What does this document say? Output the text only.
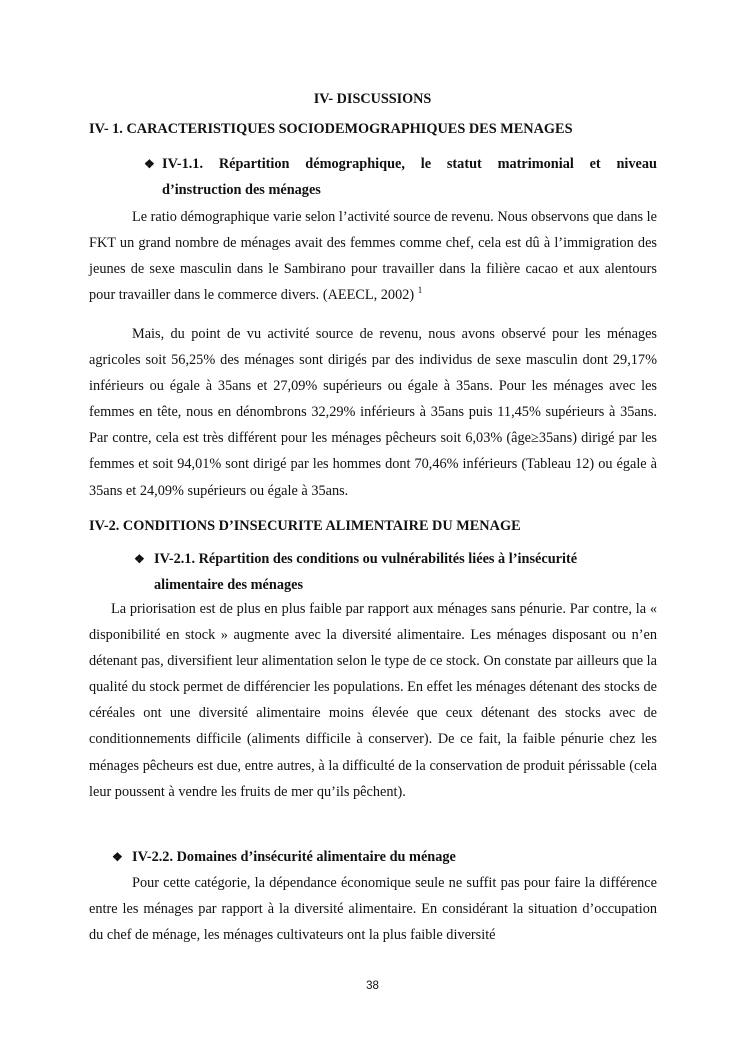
IV- DISCUSSIONS
IV- 1. CARACTERISTIQUES SOCIODEMOGRAPHIQUES DES MENAGES
❖ IV-1.1. Répartition démographique, le statut matrimonial et niveau
d’instruction des ménages

Le ratio démographique varie selon l’activité source de revenu. Nous observons que dans le FKT un grand nombre de ménages avait des femmes comme chef, cela est dû à l’immigration des jeunes de sexe masculin dans le Sambirano pour travailler dans la filière cacao et aux alentours pour travailler dans le commerce divers. (AEECL, 2002) $^1$

Mais, du point de vu activité source de revenu, nous avons observé pour les ménages agricoles soit 56,25% des ménages sont dirigés par des individus de sexe masculin dont 29,17% inférieurs ou égale à 35ans et 27,09% supérieurs ou égale à 35ans. Pour les ménages avec les femmes en tête, nous en dénombrons 32,29% inférieurs à 35ans puis 11,45% supérieurs à 35ans. Par contre, cela est très différent pour les ménages pêcheurs soit 6,03% (âge≥35ans) dirigé par les femmes et soit 94,01% sont dirigé par les hommes dont 70,46% inférieurs (Tableau 12) ou égale à 35ans et 24,09% supérieurs ou égale à 35ans.

IV-2. CONDITIONS D’INSECURITE ALIMENTAIRE DU MENAGE
❖ IV-2.1. Répartition des conditions ou vulnérabilités liées à l’insécurité
alimentaire des ménages

La priorisation est de plus en plus faible par rapport aux ménages sans pénurie. Par contre, la « disponibilité en stock » augmente avec la diversité alimentaire. Les ménages disposant ou n’en détenant pas, diversifient leur alimentation selon le type de ce stock. On constate par ailleurs que la qualité du stock permet de différencier les populations. En effet les ménages détenant des stocks de céréales ont une diversité alimentaire moins élevée que ceux détenant des stocks avec de conditionnements difficile (aliments difficile à conserver). De ce fait, la faible pénurie chez les ménages pêcheurs est due, entre autres, à la difficulté de la conservation de produit périssable (cela leur poussent à vendre les fruits de mer qu’ils pêchent).

❖ IV-2.2. Domaines d’insécurité alimentaire du ménage

Pour cette catégorie, la dépendance économique seule ne suffit pas pour faire la différence entre les ménages par rapport à la diversité alimentaire. En considérant la situation d’occupation du chef de ménage, les ménages cultivateurs ont la plus faible diversité

38
